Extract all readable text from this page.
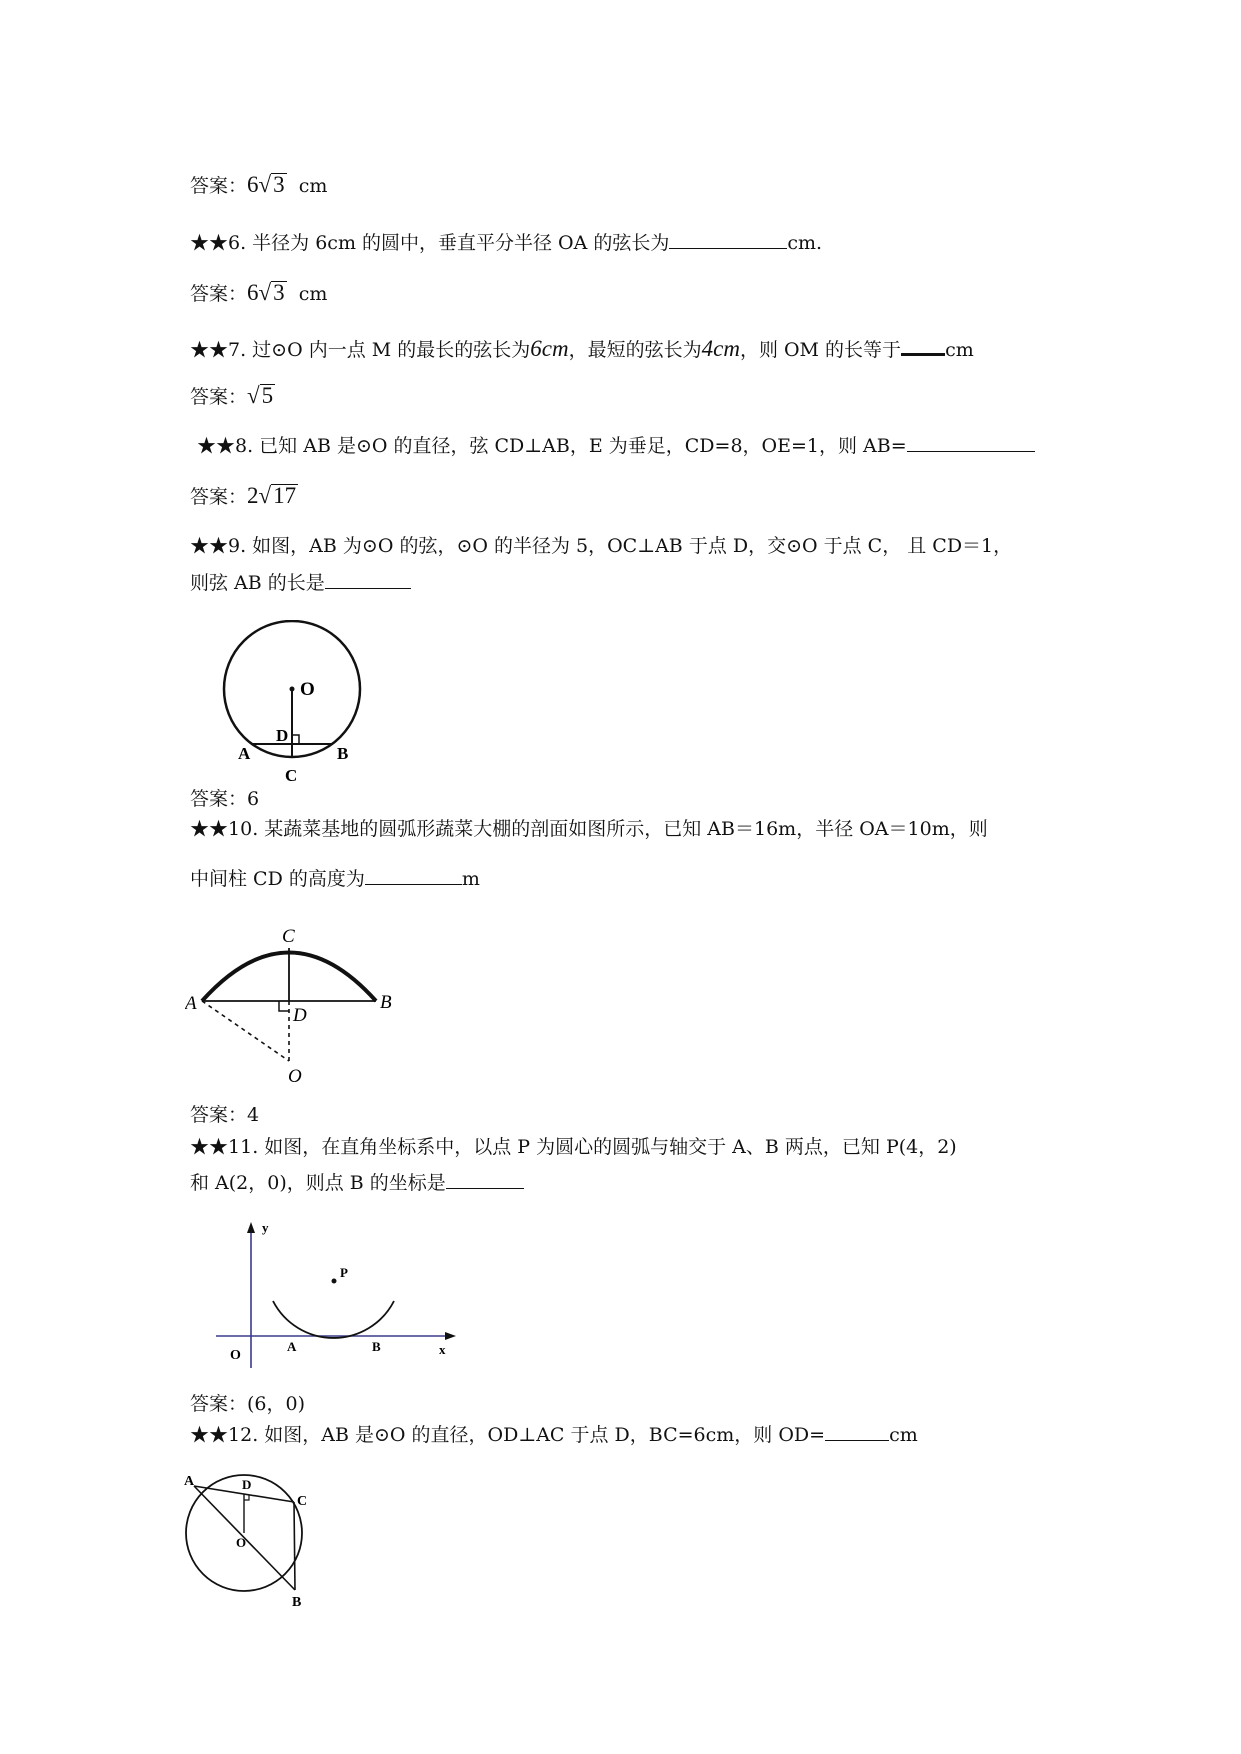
答案：6√3 cm
★★6. 半径为 6cm 的圆中，垂直平分半径 OA 的弦长为	cm.
答案：6√3 cm
★★7. 过⊙O 内一点 M 的最长的弦长为6cm，最短的弦长为4cm，则 OM 的长等于 cm
答案：√5
★★8. 已知 AB 是⊙O 的直径，弦 CD⊥AB，E 为垂足，CD=8，OE=1，则 AB=
答案：2√17
★★9. 如图，AB 为⊙O 的弦，⊙O 的半径为 5，OC⊥AB 于点 D，交⊙O 于点 C， 且 CD＝1，
则弦 AB 的长是
O
D
A	B
C
答案：6
★★10. 某蔬菜基地的圆弧形蔬菜大棚的剖面如图所示，已知 AB＝16m，半径 OA＝10m，则
中间柱 CD 的高度为	m
C
A	B
D
O
答案：4
★★11. 如图，在直角坐标系中，以点 P 为圆心的圆弧与轴交于 A、B 两点，已知 P(4，2)
和 A(2，0)，则点 B 的坐标是
y
P
O
A	B	x
答案：(6，0)
★★12. 如图，AB 是⊙O 的直径，OD⊥AC 于点 D，BC=6cm，则 OD=	cm
A	D
C
O
B
